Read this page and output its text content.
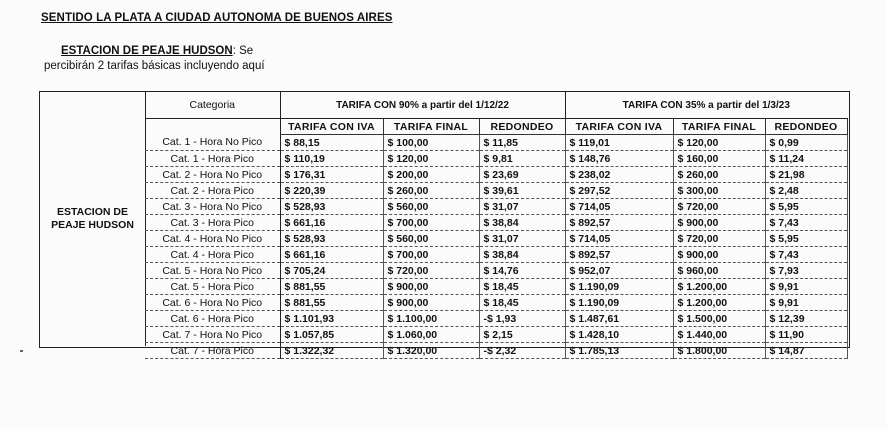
SENTIDO LA PLATA A CIUDAD AUTONOMA DE BUENOS AIRES
ESTACION DE PEAJE HUDSON: Se
percibirán 2 tarifas básicas incluyendo aquí
ESTACION DE
PEAJE HUDSON
Categoria	TARIFA CON 90% a partir del 1/12/22			TARIFA CON 35% a partir del 1/3/23		
	TARIFA CON IVA	TARIFA FINAL	REDONDEO	TARIFA CON IVA	TARIFA FINAL	REDONDEO
Cat. 1 - Hora No Pico	$ 88,15	$ 100,00	$ 11,85	$ 119,01	$ 120,00	$ 0,99
Cat. 1 - Hora Pico	$ 110,19	$ 120,00	$ 9,81	$ 148,76	$ 160,00	$ 11,24
Cat. 2 - Hora No Pico	$ 176,31	$ 200,00	$ 23,69	$ 238,02	$ 260,00	$ 21,98
Cat. 2 - Hora Pico	$ 220,39	$ 260,00	$ 39,61	$ 297,52	$ 300,00	$ 2,48
Cat. 3 - Hora No Pico	$ 528,93	$ 560,00	$ 31,07	$ 714,05	$ 720,00	$ 5,95
Cat. 3 - Hora Pico	$ 661,16	$ 700,00	$ 38,84	$ 892,57	$ 900,00	$ 7,43
Cat. 4 - Hora No Pico	$ 528,93	$ 560,00	$ 31,07	$ 714,05	$ 720,00	$ 5,95
Cat. 4 - Hora Pico	$ 661,16	$ 700,00	$ 38,84	$ 892,57	$ 900,00	$ 7,43
Cat. 5 - Hora No Pico	$ 705,24	$ 720,00	$ 14,76	$ 952,07	$ 960,00	$ 7,93
Cat. 5 - Hora Pico	$ 881,55	$ 900,00	$ 18,45	$ 1.190,09	$ 1.200,00	$ 9,91
Cat. 6 - Hora No Pico	$ 881,55	$ 900,00	$ 18,45	$ 1.190,09	$ 1.200,00	$ 9,91
Cat. 6 - Hora Pico	$ 1.101,93	$ 1.100,00	-$ 1,93	$ 1.487,61	$ 1.500,00	$ 12,39
Cat. 7 - Hora No Pico	$ 1.057,85	$ 1.060,00	$ 2,15	$ 1.428,10	$ 1.440,00	$ 11,90
Cat. 7 - Hora Pico	$ 1.322,32	$ 1.320,00	-$ 2,32	$ 1.785,13	$ 1.800,00	$ 14,87
